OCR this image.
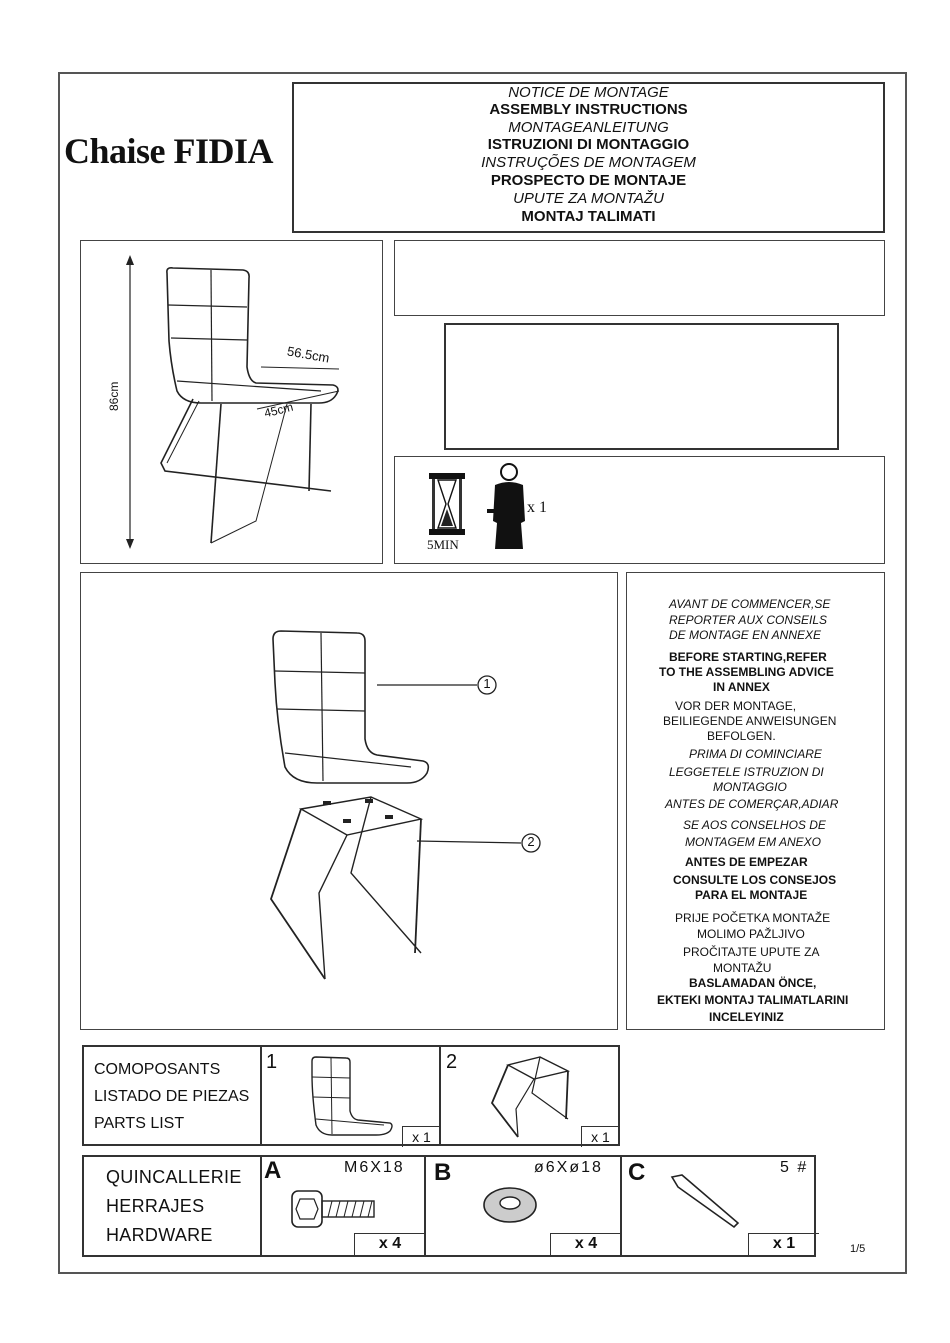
Chaise FIDIA
NOTICE DE MONTAGE
ASSEMBLY INSTRUCTIONS
MONTAGEANLEITUNG
ISTRUZIONI DI MONTAGGIO
INSTRUÇÕES DE MONTAGEM
PROSPECTO DE MONTAJE
UPUTE ZA MONTAŽU
MONTAJ TALIMATI
86cm
56.5cm
45cm
5MIN
x 1
1
2
AVANT DE COMMENCER,SE
REPORTER AUX CONSEILS
DE MONTAGE EN ANNEXE
BEFORE STARTING,REFER
TO THE ASSEMBLING ADVICE
IN ANNEX
VOR DER MONTAGE,
BEILIEGENDE ANWEISUNGEN
BEFOLGEN.
PRIMA DI COMINCIARE
LEGGETELE ISTRUZION DI
MONTAGGIO
ANTES DE COMERÇAR,ADIAR
SE AOS CONSELHOS DE
MONTAGEM EM ANEXO
ANTES DE EMPEZAR
CONSULTE LOS CONSEJOS
PARA EL MONTAJE
PRIJE POČETKA MONTAŽE
MOLIMO PAŽLJIVO
PROČITAJTE UPUTE ZA
MONTAŽU
BASLAMADAN ÖNCE,
EKTEKI MONTAJ TALIMATLARINI
INCELEYINIZ
COMOPOSANTS
LISTADO DE PIEZAS
PARTS LIST
1
x 1
2
x 1
QUINCALLERIE
HERRAJES
HARDWARE
A	M6X18
x 4
B	ø6Xø18
x 4
C	5 #
x 1	1/5
